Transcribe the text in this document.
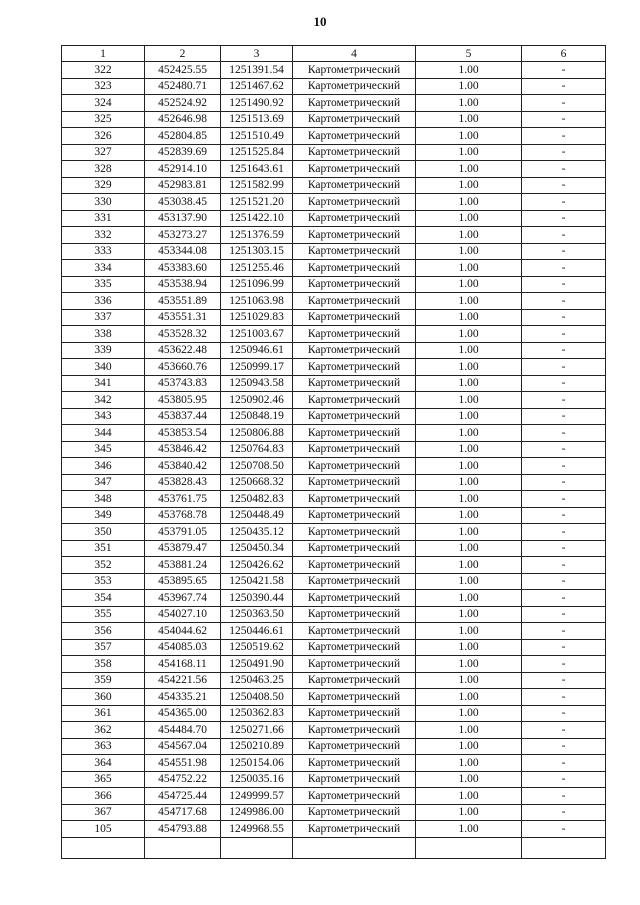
10
1	2	3	4	5	6
322	452425.55	1251391.54	Картометрический	1.00	-
323	452480.71	1251467.62	Картометрический	1.00	-
324	452524.92	1251490.92	Картометрический	1.00	-
325	452646.98	1251513.69	Картометрический	1.00	-
326	452804.85	1251510.49	Картометрический	1.00	-
327	452839.69	1251525.84	Картометрический	1.00	-
328	452914.10	1251643.61	Картометрический	1.00	-
329	452983.81	1251582.99	Картометрический	1.00	-
330	453038.45	1251521.20	Картометрический	1.00	-
331	453137.90	1251422.10	Картометрический	1.00	-
332	453273.27	1251376.59	Картометрический	1.00	-
333	453344.08	1251303.15	Картометрический	1.00	-
334	453383.60	1251255.46	Картометрический	1.00	-
335	453538.94	1251096.99	Картометрический	1.00	-
336	453551.89	1251063.98	Картометрический	1.00	-
337	453551.31	1251029.83	Картометрический	1.00	-
338	453528.32	1251003.67	Картометрический	1.00	-
339	453622.48	1250946.61	Картометрический	1.00	-
340	453660.76	1250999.17	Картометрический	1.00	-
341	453743.83	1250943.58	Картометрический	1.00	-
342	453805.95	1250902.46	Картометрический	1.00	-
343	453837.44	1250848.19	Картометрический	1.00	-
344	453853.54	1250806.88	Картометрический	1.00	-
345	453846.42	1250764.83	Картометрический	1.00	-
346	453840.42	1250708.50	Картометрический	1.00	-
347	453828.43	1250668.32	Картометрический	1.00	-
348	453761.75	1250482.83	Картометрический	1.00	-
349	453768.78	1250448.49	Картометрический	1.00	-
350	453791.05	1250435.12	Картометрический	1.00	-
351	453879.47	1250450.34	Картометрический	1.00	-
352	453881.24	1250426.62	Картометрический	1.00	-
353	453895.65	1250421.58	Картометрический	1.00	-
354	453967.74	1250390.44	Картометрический	1.00	-
355	454027.10	1250363.50	Картометрический	1.00	-
356	454044.62	1250446.61	Картометрический	1.00	-
357	454085.03	1250519.62	Картометрический	1.00	-
358	454168.11	1250491.90	Картометрический	1.00	-
359	454221.56	1250463.25	Картометрический	1.00	-
360	454335.21	1250408.50	Картометрический	1.00	-
361	454365.00	1250362.83	Картометрический	1.00	-
362	454484.70	1250271.66	Картометрический	1.00	-
363	454567.04	1250210.89	Картометрический	1.00	-
364	454551.98	1250154.06	Картометрический	1.00	-
365	454752.22	1250035.16	Картометрический	1.00	-
366	454725.44	1249999.57	Картометрический	1.00	-
367	454717.68	1249986.00	Картометрический	1.00	-
105	454793.88	1249968.55	Картометрический	1.00	-
